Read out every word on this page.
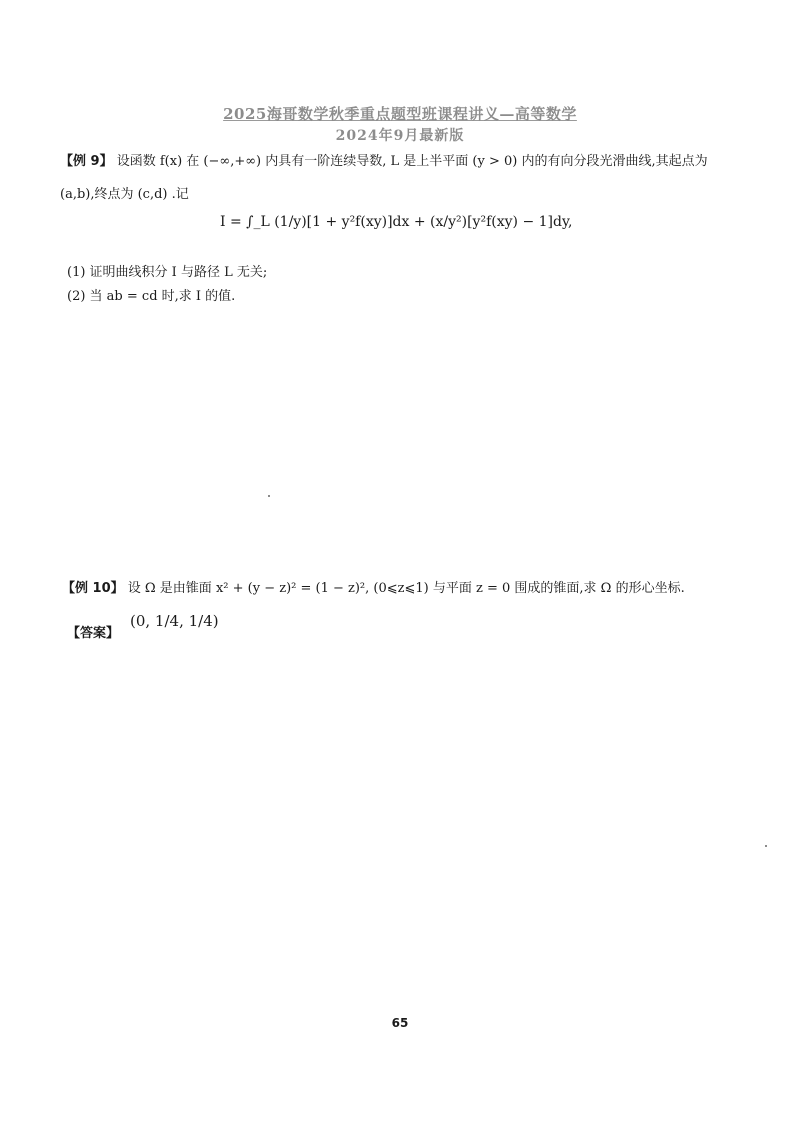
2025海哥数学秋季重点题型班课程讲义—高等数学
2024年9月最新版
【例 9】 设函数 f(x) 在 (−∞,+∞) 内具有一阶连续导数, L 是上半平面 (y > 0) 内的有向分段光滑曲线,其起点为
(a,b),终点为 (c,d) .记
I = ∫_L (1/y)[1 + y²f(xy)]dx + (x/y²)[y²f(xy) − 1]dy,
(1) 证明曲线积分 I 与路径 L 无关;
(2) 当 ab = cd 时,求 I 的值.
【例 10】 设 Ω 是由锥面 x² + (y − z)² = (1 − z)², (0⩽z⩽1) 与平面 z = 0 围成的锥面,求 Ω 的形心坐标.
【答案】
(0, 1/4, 1/4)
65
